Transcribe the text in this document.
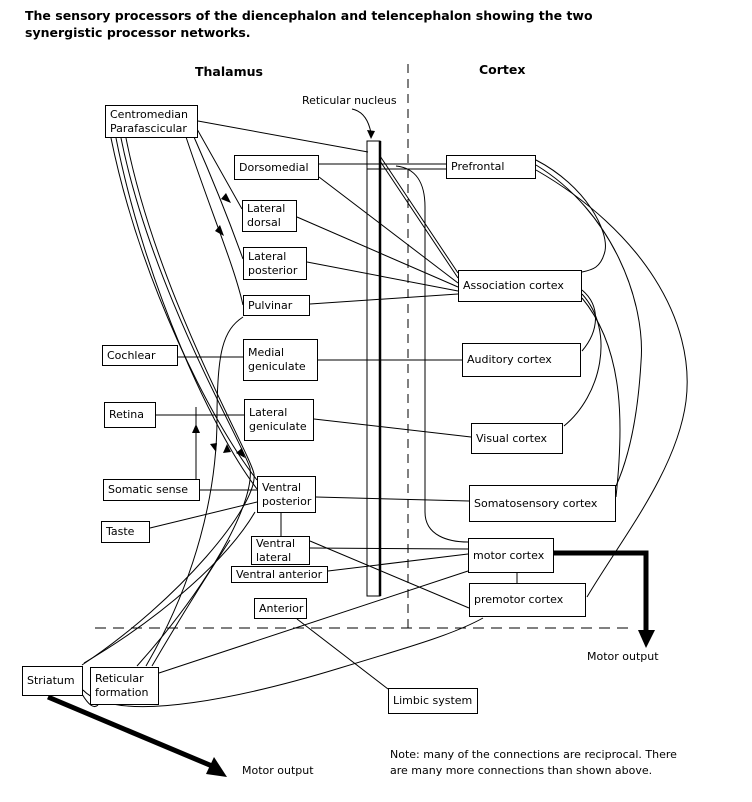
The sensory processors of the diencephalon and telencephalon showing the two
synergistic processor networks.
Thalamus	Cortex
Reticular nucleus
Centromedian
Parafascicular
Dorsomedial
Lateral
dorsal
Lateral
posterior
Pulvinar
Cochlear	Medial
geniculate
Retina	Lateral
geniculate
Somatic sense	Ventral
posterior
Taste
Ventral
lateral
Ventral anterior
Anterior
Striatum	Reticular
formation
Limbic system
Prefrontal
Association cortex
Auditory cortex
Visual cortex
Somatosensory cortex
motor cortex
premotor cortex
Motor output
Motor output
Note: many of the connections are reciprocal. There
are many more connections than shown above.
